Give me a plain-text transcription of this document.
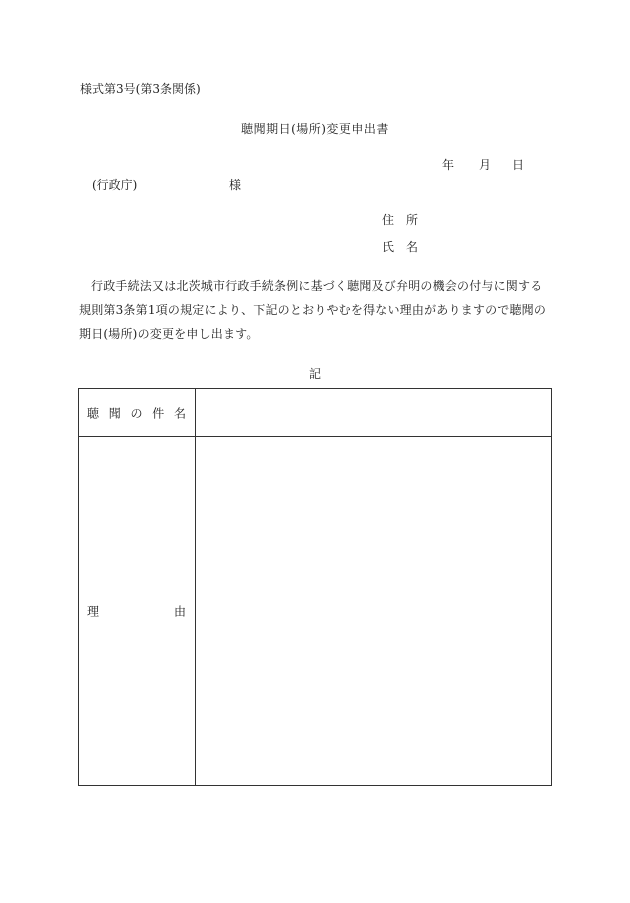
様式第3号(第3条関係)
聴聞期日(場所)変更申出書
年 月 日
(行政庁)	様
住　所
氏　名
行政手続法又は北茨城市行政手続条例に基づく聴聞及び弁明の機会の付与に関する規則第3条第1項の規定により、下記のとおりやむを得ない理由がありますので聴聞の期日(場所)の変更を申し出ます。
記
聴 聞 の 件 名
理　　　　　由
